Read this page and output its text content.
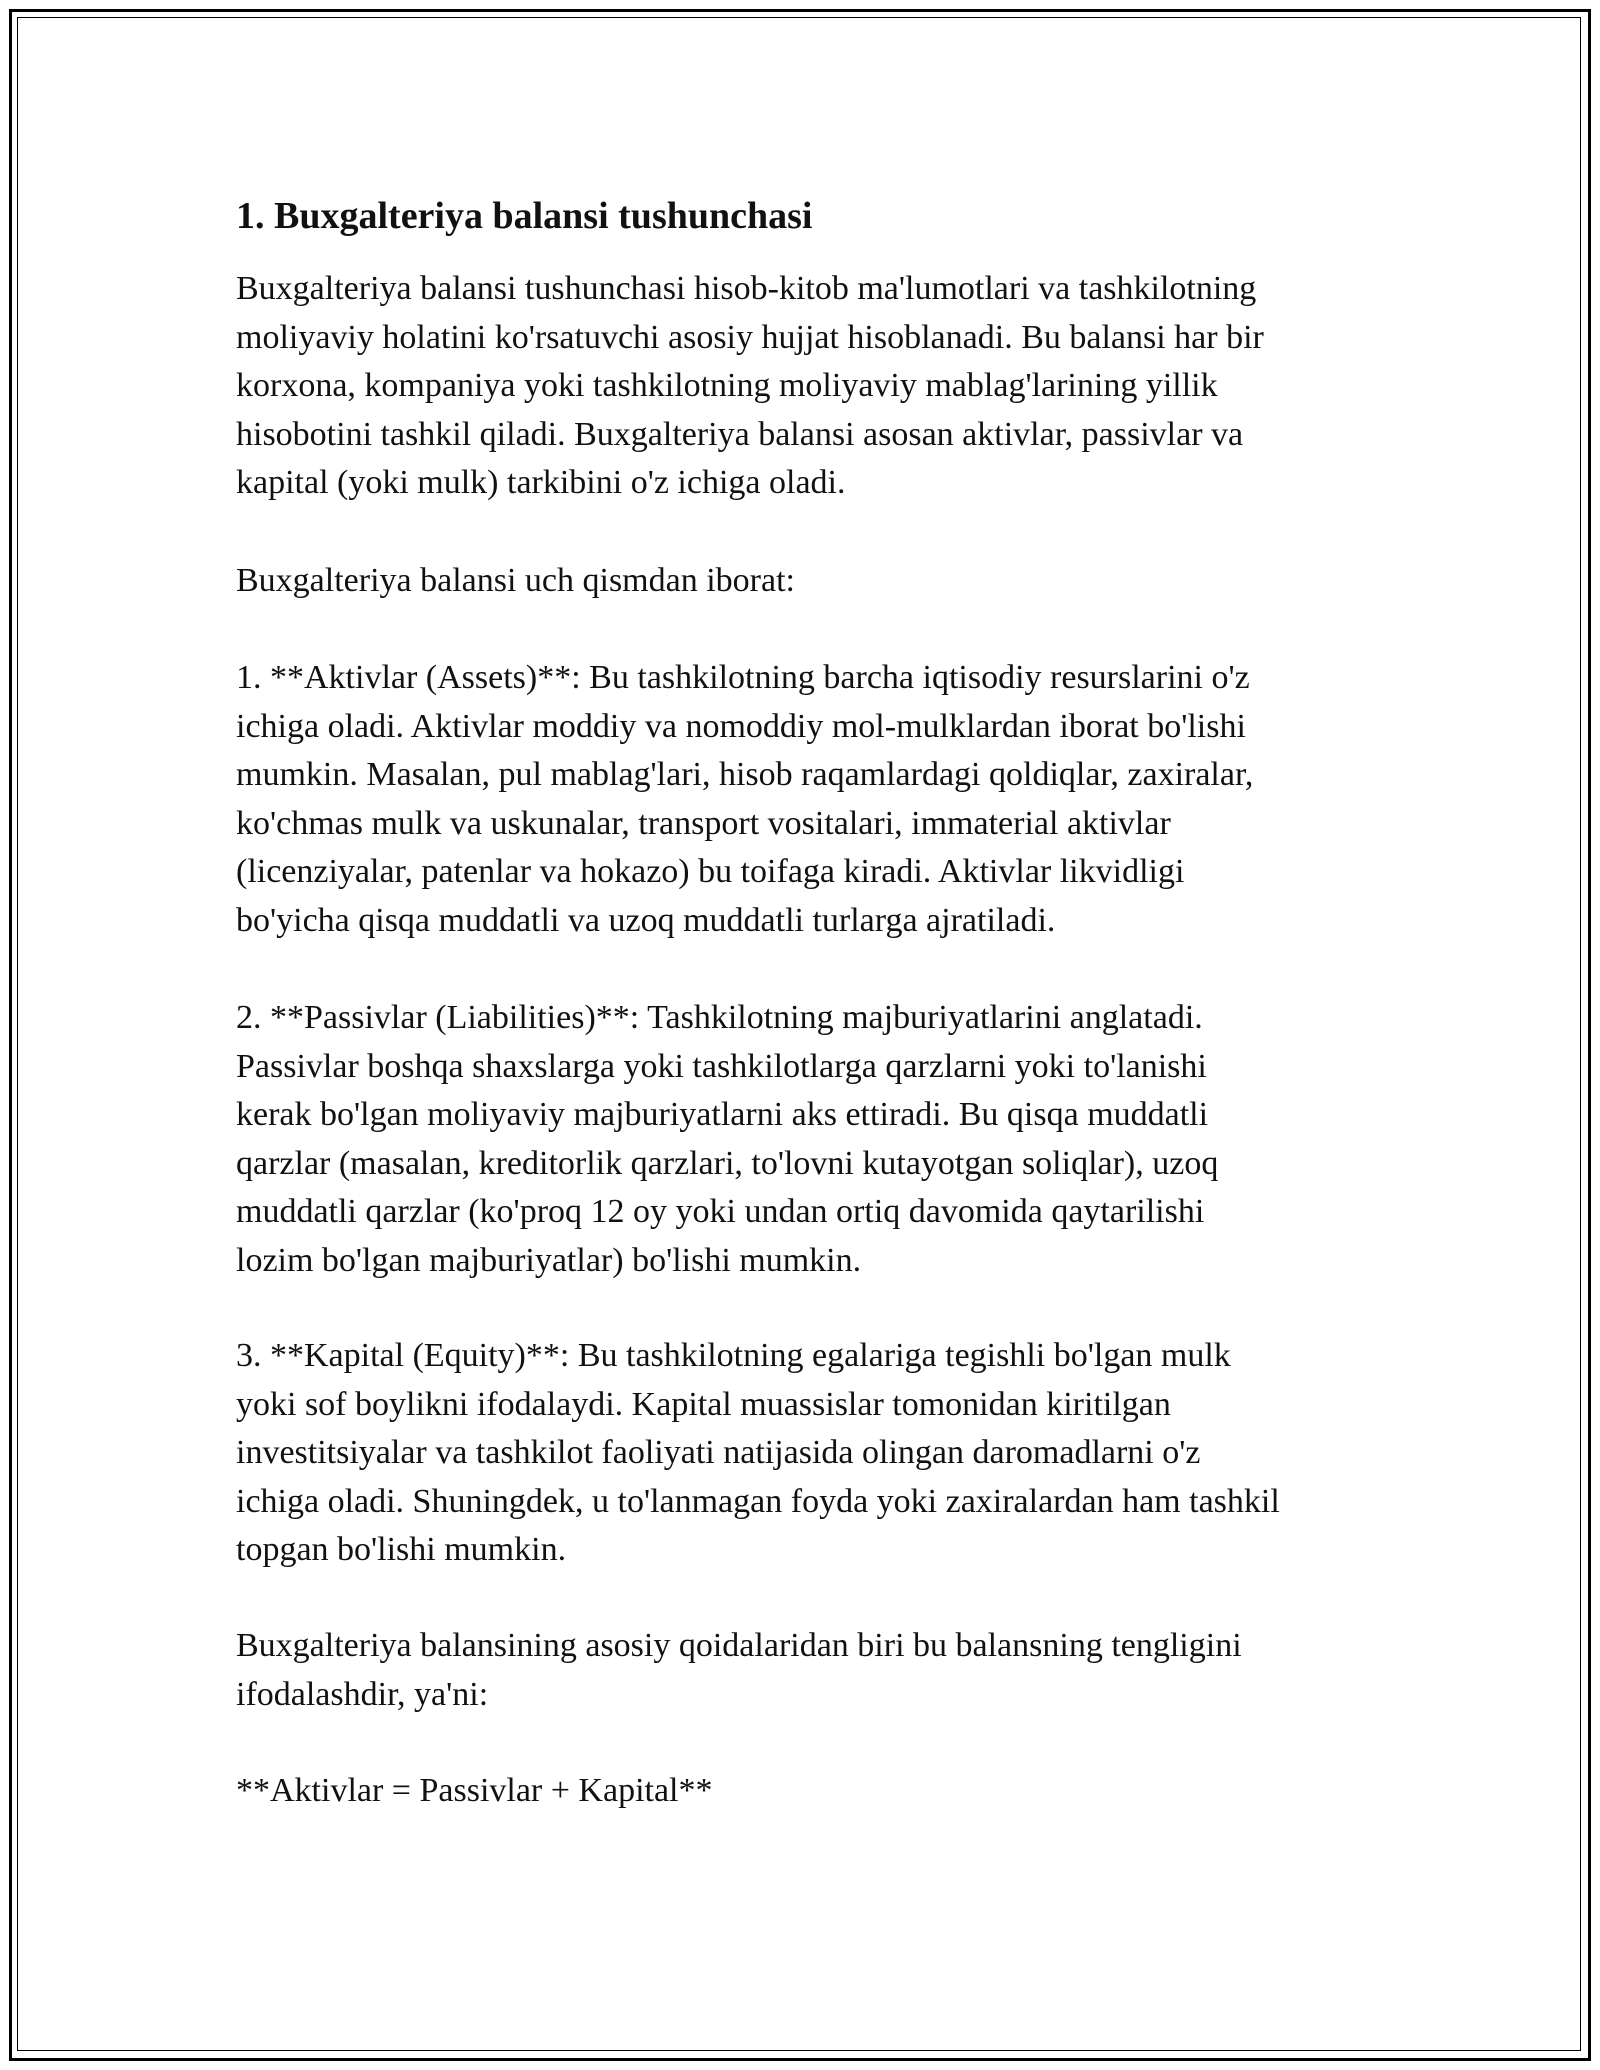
1. Buxgalteriya balansi tushunchasi

Buxgalteriya balansi tushunchasi hisob-kitob ma'lumotlari va tashkilotning
moliyaviy holatini ko'rsatuvchi asosiy hujjat hisoblanadi. Bu balansi har bir
korxona, kompaniya yoki tashkilotning moliyaviy mablag'larining yillik
hisobotini tashkil qiladi. Buxgalteriya balansi asosan aktivlar, passivlar va
kapital (yoki mulk) tarkibini o'z ichiga oladi.

Buxgalteriya balansi uch qismdan iborat:

1. **Aktivlar (Assets)**: Bu tashkilotning barcha iqtisodiy resurslarini o'z
ichiga oladi. Aktivlar moddiy va nomoddiy mol-mulklardan iborat bo'lishi
mumkin. Masalan, pul mablag'lari, hisob raqamlardagi qoldiqlar, zaxiralar,
ko'chmas mulk va uskunalar, transport vositalari, immaterial aktivlar
(licenziyalar, patenlar va hokazo) bu toifaga kiradi. Aktivlar likvidligi
bo'yicha qisqa muddatli va uzoq muddatli turlarga ajratiladi.

2. **Passivlar (Liabilities)**: Tashkilotning majburiyatlarini anglatadi.
Passivlar boshqa shaxslarga yoki tashkilotlarga qarzlarni yoki to'lanishi
kerak bo'lgan moliyaviy majburiyatlarni aks ettiradi. Bu qisqa muddatli
qarzlar (masalan, kreditorlik qarzlari, to'lovni kutayotgan soliqlar), uzoq
muddatli qarzlar (ko'proq 12 oy yoki undan ortiq davomida qaytarilishi
lozim bo'lgan majburiyatlar) bo'lishi mumkin.

3. **Kapital (Equity)**: Bu tashkilotning egalariga tegishli bo'lgan mulk
yoki sof boylikni ifodalaydi. Kapital muassislar tomonidan kiritilgan
investitsiyalar va tashkilot faoliyati natijasida olingan daromadlarni o'z
ichiga oladi. Shuningdek, u to'lanmagan foyda yoki zaxiralardan ham tashkil
topgan bo'lishi mumkin.

Buxgalteriya balansining asosiy qoidalaridan biri bu balansning tengligini
ifodalashdir, ya'ni:

**Aktivlar = Passivlar + Kapital**
